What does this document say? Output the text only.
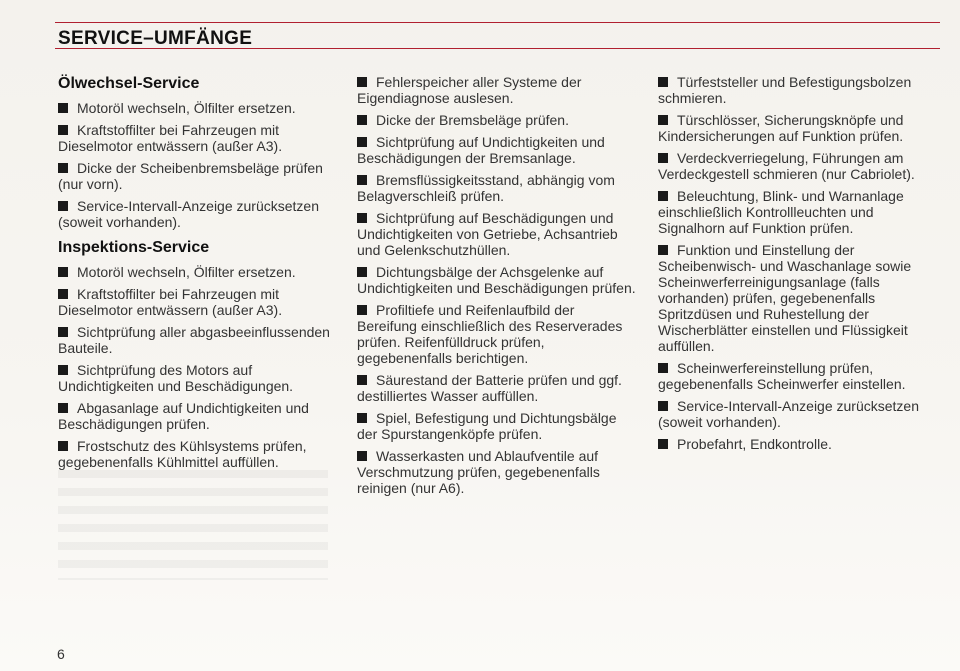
SERVICE–UMFÄNGE
Ölwechsel-Service
Motoröl wechseln, Ölfilter ersetzen.
Kraftstoffilter bei Fahrzeugen mit Dieselmotor entwässern (außer A3).
Dicke der Scheibenbremsbeläge prüfen (nur vorn).
Service-Intervall-Anzeige zurücksetzen (soweit vorhanden).
Inspektions-Service
Motoröl wechseln, Ölfilter ersetzen.
Kraftstoffilter bei Fahrzeugen mit Dieselmotor entwässern (außer A3).
Sichtprüfung aller abgasbeeinflussenden Bauteile.
Sichtprüfung des Motors auf Undichtigkeiten und Beschädigungen.
Abgasanlage auf Undichtigkeiten und Beschädigungen prüfen.
Frostschutz des Kühlsystems prüfen, gegebenenfalls Kühlmittel auffüllen.
Fehlerspeicher aller Systeme der Eigendiagnose auslesen.
Dicke der Bremsbeläge prüfen.
Sichtprüfung auf Undichtigkeiten und Beschädigungen der Bremsanlage.
Bremsflüssigkeitsstand, abhängig vom Belagverschleiß prüfen.
Sichtprüfung auf Beschädigungen und Undichtigkeiten von Getriebe, Achsantrieb und Gelenkschutzhüllen.
Dichtungsbälge der Achsgelenke auf Undichtigkeiten und Beschädigungen prüfen.
Profiltiefe und Reifenlaufbild der Bereifung einschließlich des Reserverades prüfen. Reifenfülldruck prüfen, gegebenenfalls berichtigen.
Säurestand der Batterie prüfen und ggf. destilliertes Wasser auffüllen.
Spiel, Befestigung und Dichtungsbälge der Spurstangenköpfe prüfen.
Wasserkasten und Ablaufventile auf Verschmutzung prüfen, gegebenenfalls reinigen (nur A6).
Türfeststeller und Befestigungsbolzen schmieren.
Türschlösser, Sicherungsknöpfe und Kindersicherungen auf Funktion prüfen.
Verdeckverriegelung, Führungen am Verdeckgestell schmieren (nur Cabriolet).
Beleuchtung, Blink- und Warnanlage einschließlich Kontrollleuchten und Signalhorn auf Funktion prüfen.
Funktion und Einstellung der Scheibenwisch- und Waschanlage sowie Scheinwerferreinigungsanlage (falls vorhanden) prüfen, gegebenenfalls Spritzdüsen und Ruhestellung der Wischerblätter einstellen und Flüssigkeit auffüllen.
Scheinwerfereinstellung prüfen, gegebenenfalls Scheinwerfer einstellen.
Service-Intervall-Anzeige zurücksetzen (soweit vorhanden).
Probefahrt, Endkontrolle.
6
